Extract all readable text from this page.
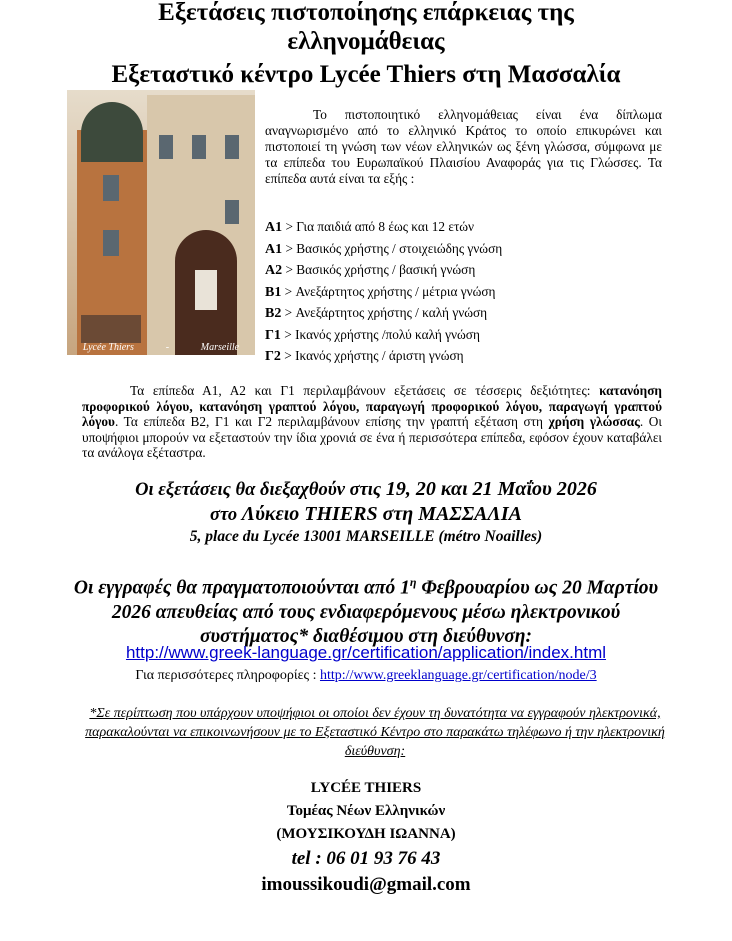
Εξετάσεις πιστοποίησης επάρκειας της
ελληνομάθειας
Εξεταστικό κέντρο Lycée Thiers στη Μασσαλία
Lycée Thiers	-	Marseille

Το πιστοποιητικό ελληνομάθειας είναι ένα δίπλωμα αναγνωρισμένο από το ελληνικό Κράτος το οποίο επικυρώνει και πιστοποιεί τη γνώση των νέων ελληνικών ως ξένη γλώσσα, σύμφωνα με τα επίπεδα του Ευρωπαϊκού Πλαισίου Αναφοράς για τις Γλώσσες. Τα επίπεδα αυτά είναι τα εξής :

A1 > Για παιδιά από 8 έως και 12 ετών
A1 > Βασικός χρήστης / στοιχειώδης γνώση
A2 > Βασικός χρήστης / βασική γνώση
B1 > Ανεξάρτητος χρήστης / μέτρια γνώση
B2 > Ανεξάρτητος χρήστης / καλή γνώση
Γ1 > Ικανός χρήστης /πολύ καλή γνώση
Γ2 > Ικανός χρήστης / άριστη γνώση

Τα επίπεδα Α1, Α2 και Γ1 περιλαμβάνουν εξετάσεις σε τέσσερις δεξιότητες: κατανόηση προφορικού λόγου, κατανόηση γραπτού λόγου, παραγωγή προφορικού λόγου, παραγωγή γραπτού λόγου. Τα επίπεδα B2, Γ1 και Γ2 περιλαμβάνουν επίσης την γραπτή εξέταση στη χρήση γλώσσας. Οι υποψήφιοι μπορούν να εξεταστούν την ίδια χρονιά σε ένα ή περισσότερα επίπεδα, εφόσον έχουν καταβάλει τα ανάλογα εξέταστρα.

Οι εξετάσεις θα διεξαχθούν στις 19, 20 και 21 Μαΐου 2026
στο Λύκειο THIERS στη ΜΑΣΣΑΛΙΑ
5, place du Lycée 13001 MARSEILLE (métro Noailles)
Οι εγγραφές θα πραγματοποιούνται από $1^\eta$ Φεβρουαρίου ως 20 Μαρτίου 2026 απευθείας από τους ενδιαφερόμενους μέσω ηλεκτρονικού συστήματος* διαθέσιμου στη διεύθυνση:
http://www.greek-language.gr/certification/application/index.html
Για περισσότερες πληροφορίες : http://www.greeklanguage.gr/certification/node/3
*Σε περίπτωση που υπάρχουν υποψήφιοι οι οποίοι δεν έχουν τη δυνατότητα να εγγραφούν ηλεκτρονικά, παρακαλούνται να επικοινωνήσουν με το Εξεταστικό Κέντρο στο παρακάτω τηλέφωνο ή την ηλεκτρονική διεύθυνση:
LYCÉE THIERS
Τομέας Νέων Ελληνικών
(ΜΟΥΣΙΚΟΥΔΗ ΙΩΑΝΝΑ)
tel : 06 01 93 76 43
imoussikoudi@gmail.com
